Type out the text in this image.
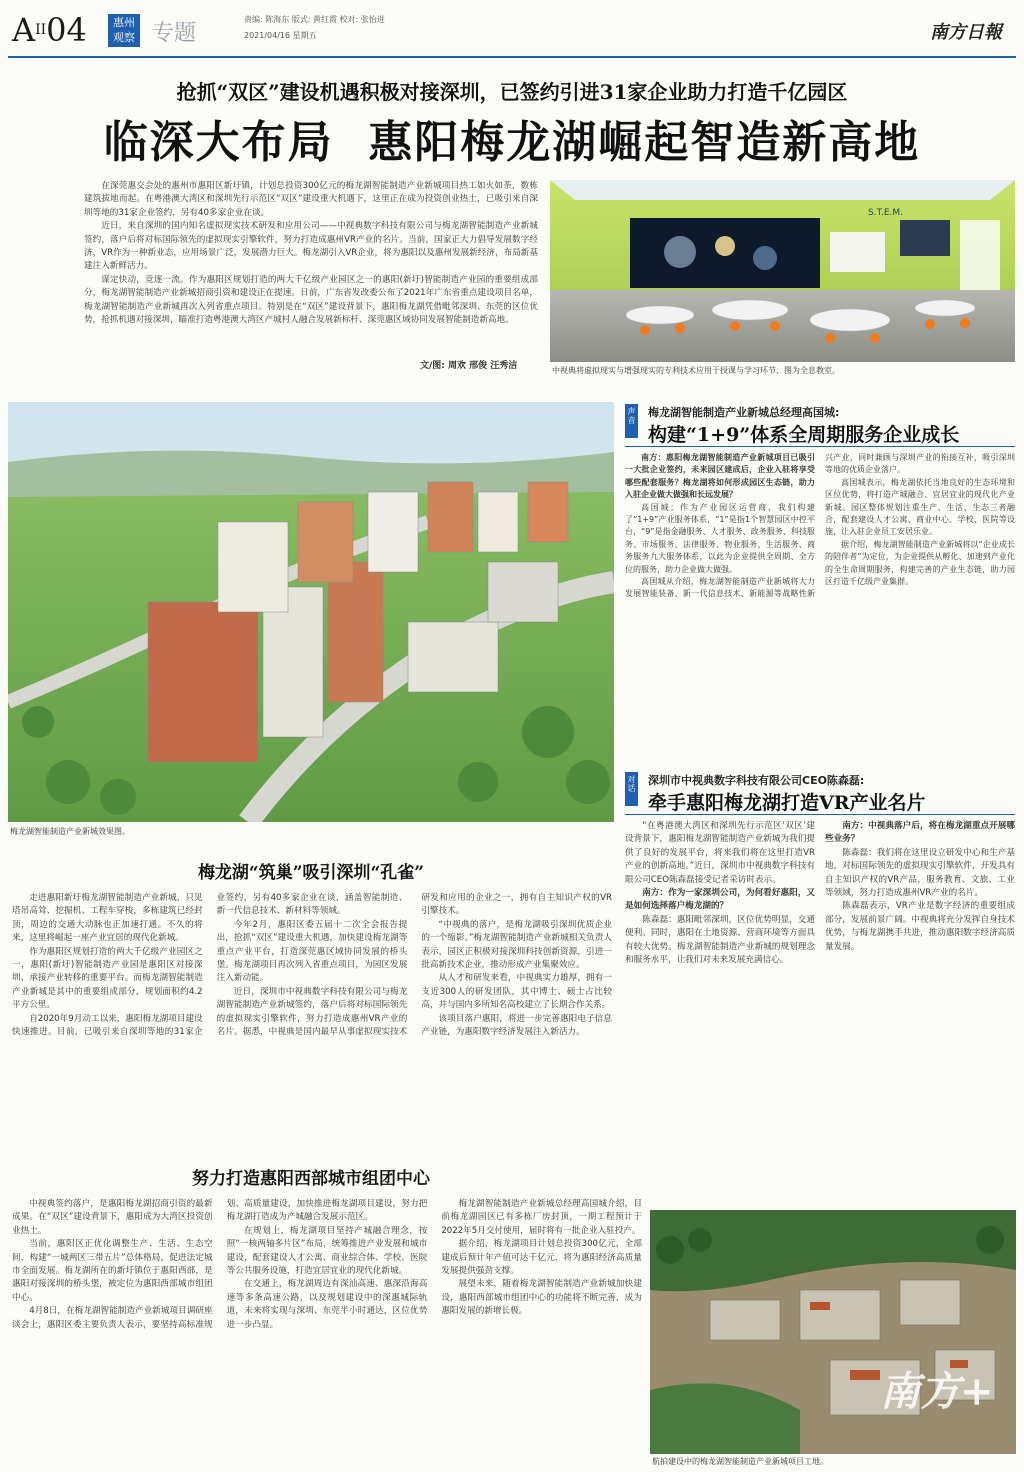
AII04	惠州
观察 专题
责编: 陈海东 版式: 黄红霞 校对: 张怡进
2021/04/16 星期五	南方日報
抢抓“双区”建设机遇积极对接深圳，已签约引进31家企业助力打造千亿园区
临深大布局  惠阳梅龙湖崛起智造新高地

在深莞惠交会处的惠州市惠阳区新圩镇，计划总投资300亿元的梅龙湖智能制造产业新城项目热工如火如荼，数栋建筑拔地而起。在粤港澳大湾区和深圳先行示范区“双区”建设重大机遇下，这里正在成为投资创业热土，已吸引来自深圳等地的31家企业签约，另有40多家企业在谈。

近日，来自深圳的国内知名虚拟现实技术研发和应用公司——中视典数字科技有限公司与梅龙湖智能制造产业新城签约，落户后将对标国际领先的虚拟现实引擎软件，努力打造成惠州VR产业的名片。当前，国家正大力倡导发展数字经济，VR作为一种新业态，应用场景广泛，发展潜力巨大。梅龙湖引入VR企业，将为惠阳以及惠州发展新经济，布局新基建注入新鲜活力。

谋定快动，竞逐一流。作为惠阳区规划打造的两大千亿级产业园区之一的惠阳(新圩)智能制造产业园的重要组成部分，梅龙湖智能制造产业新城招商引资和建设正在提速。日前，广东省发改委公布了2021年广东省重点建设项目名单，梅龙湖智能制造产业新城再次入列省重点项目。特别是在“双区”建设背景下，惠阳梅龙湖凭借毗邻深圳、东莞的区位优势，抢抓机遇对接深圳，瞄准打造粤港澳大湾区产城村人融合发展新标杆、深莞惠区域协同发展智能制造新高地。

文/图: 周欢 邢俊 汪秀洁
S.T.E.M.
中视典将虚拟现实与增强现实的专利技术应用于授课与学习环节，图为全息教室。
梅龙湖智能制造产业新城效果图。
声音
梅龙湖智能制造产业新城总经理高国城:
构建“1+9”体系全周期服务企业成长

南方：惠阳梅龙湖智能制造产业新城项目已吸引一大批企业签约，未来园区建成后，企业入驻将享受哪些配套服务？梅龙湖将如何形成园区生态链，助力入驻企业做大做强和长远发展？

高国城：作为产业园区运营商，我们构建了“1+9”产业服务体系，“1”是指1个智慧园区中控平台，“9”是指金融服务、人才服务、政务服务、科技服务、市场服务、法律服务、物业服务、生活服务、商务服务九大服务体系，以此为企业提供全周期、全方位的服务，助力企业做大做强。

高国城从介绍，梅龙湖智能制造产业新城将大力发展智能装备、新一代信息技术、新能源等战略性新兴产业，同时兼顾与深圳产业的衔接互补，吸引深圳等地的优质企业落户。

高国城表示，梅龙湖依托当地良好的生态环境和区位优势，将打造产城融合、宜居宜业的现代化产业新城。园区整体规划注重生产、生活、生态三者融合，配套建设人才公寓、商业中心、学校、医院等设施，让入驻企业员工安居乐业。

据介绍，梅龙湖智能制造产业新城将以“企业成长的陪伴者”为定位，为企业提供从孵化、加速到产业化的全生命周期服务，构建完善的产业生态链，助力园区打造千亿级产业集群。

对话
深圳市中视典数字科技有限公司CEO陈森磊:
牵手惠阳梅龙湖打造VR产业名片

“在粤港澳大湾区和深圳先行示范区‘双区’建设背景下，惠阳梅龙湖智能制造产业新城为我们提供了良好的发展平台，将来我们将在这里打造VR产业的创新高地。”近日，深圳市中视典数字科技有限公司CEO陈森磊接受记者采访时表示。

南方：作为一家深圳公司，为何看好惠阳，又是如何选择落户梅龙湖的？

陈森磊：惠阳毗邻深圳，区位优势明显，交通便利。同时，惠阳在土地资源、营商环境等方面具有较大优势。梅龙湖智能制造产业新城的规划理念和服务水平，让我们对未来发展充满信心。

南方：中视典落户后，将在梅龙湖重点开展哪些业务？

陈森磊：我们将在这里设立研发中心和生产基地，对标国际领先的虚拟现实引擎软件，开发具有自主知识产权的VR产品，服务教育、文旅、工业等领域，努力打造成惠州VR产业的名片。

陈森磊表示，VR产业是数字经济的重要组成部分，发展前景广阔。中视典将充分发挥自身技术优势，与梅龙湖携手共进，推动惠阳数字经济高质量发展。

梅龙湖“筑巢”吸引深圳“孔雀”

走进惠阳新圩梅龙湖智能制造产业新城，只见塔吊高耸、挖掘机、工程车穿梭，多栋建筑已经封顶，周边的交通大动脉也正加速打通。不久的将来，这里将崛起一座产业宜居的现代化新城。

作为惠阳区规划打造的两大千亿级产业园区之一，惠阳(新圩)智能制造产业园是惠阳区对接深圳、承接产业转移的重要平台。而梅龙湖智能制造产业新城是其中的重要组成部分，规划面积约4.2平方公里。

自2020年9月动工以来，惠阳梅龙湖项目建设快速推进。目前，已吸引来自深圳等地的31家企业签约，另有40多家企业在谈，涵盖智能制造、新一代信息技术、新材料等领域。

今年2月，惠阳区委五届十二次全会报告提出，抢抓“双区”建设重大机遇，加快建设梅龙湖等重点产业平台，打造深莞惠区域协同发展的桥头堡。梅龙湖项目再次列入省重点项目，为园区发展注入新动能。

近日，深圳市中视典数字科技有限公司与梅龙湖智能制造产业新城签约，落户后将对标国际领先的虚拟现实引擎软件，努力打造成惠州VR产业的名片。据悉，中视典是国内最早从事虚拟现实技术研发和应用的企业之一，拥有自主知识产权的VR引擎技术。

“中视典的落户，是梅龙湖吸引深圳优质企业的一个缩影。”梅龙湖智能制造产业新城相关负责人表示，园区正积极对接深圳科技创新资源，引进一批高新技术企业，推动形成产业集聚效应。

从人才和研发来看，中视典实力雄厚，拥有一支近300人的研发团队，其中博士、硕士占比较高，并与国内多所知名高校建立了长期合作关系。

该项目落户惠阳，将进一步完善惠阳电子信息产业链，为惠阳数字经济发展注入新活力。

努力打造惠阳西部城市组团中心

中视典签约落户，是惠阳梅龙湖招商引资的最新成果。在“双区”建设背景下，惠阳成为大湾区投资创业热土。

当前，惠阳区正优化调整生产、生活、生态空间，构建“一城两区三带五片”总体格局，促进法定城市全面发展。梅龙湖所在的新圩镇位于惠阳西部，是惠阳对接深圳的桥头堡，被定位为惠阳西部城市组团中心。

4月8日，在梅龙湖智能制造产业新城项目调研座谈会上，惠阳区委主要负责人表示，要坚持高标准规划、高质量建设，加快推进梅龙湖项目建设，努力把梅龙湖打造成为产城融合发展示范区。

在规划上，梅龙湖项目坚持产城融合理念，按照“一核两轴多片区”布局，统筹推进产业发展和城市建设，配套建设人才公寓、商业综合体、学校、医院等公共服务设施，打造宜居宜业的现代化新城。

在交通上，梅龙湖周边有深汕高速、惠深沿海高速等多条高速公路，以及规划建设中的深惠城际轨道，未来将实现与深圳、东莞半小时通达，区位优势进一步凸显。

梅龙湖智能制造产业新城总经理高国城介绍，目前梅龙湖园区已有多栋厂房封顶，一期工程预计于2022年5月交付使用，届时将有一批企业入驻投产。

据介绍，梅龙湖项目计划总投资300亿元，全部建成后预计年产值可达千亿元，将为惠阳经济高质量发展提供强劲支撑。

展望未来，随着梅龙湖智能制造产业新城加快建设，惠阳西部城市组团中心的功能将不断完善，成为惠阳发展的新增长极。

南方+
航拍建设中的梅龙湖智能制造产业新城项目工地。
